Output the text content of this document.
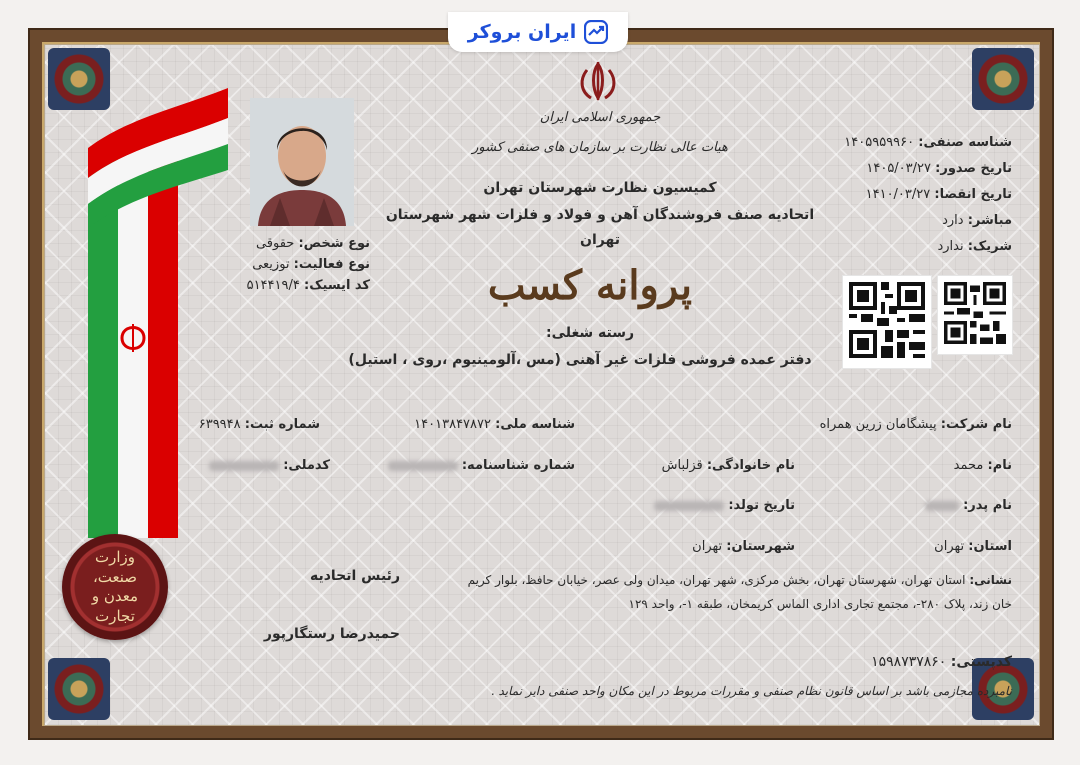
ایران بروکر
جمهوری اسلامی ایران
هیات عالی نظارت بر سازمان های صنفی کشور
کمیسیون نظارت شهرستان تهران
اتحادیه صنف فروشندگان آهن و فولاد و فلزات شهر شهرستان
تهران
پروانه کسب
رسته شغلی:
دفتر عمده فروشی فلزات غیر آهنی (مس ،آلومینیوم ،روی ، استیل)
شناسه صنفی: ۱۴۰۵۹۵۹۹۶۰
تاریخ صدور: ۱۴۰۵/۰۳/۲۷
تاریخ انقضا: ۱۴۱۰/۰۳/۲۷
مباشر: دارد
شریک: ندارد
نوع شخص: حقوقی
نوع فعالیت: توزیعی
کد ایسیک: ۵۱۴۴۱۹/۴
وزارت صنعت، معدن و تجارت
نام شرکت: پیشگامان زرین همراه
شناسه ملی: ۱۴۰۱۳۸۴۷۸۷۲
شماره ثبت: ۶۳۹۹۴۸
نام: محمد
نام خانوادگی: قزلباش
شماره شناسنامه:
کدملی:
نام پدر:
تاریخ تولد:
استان: تهران
شهرستان: تهران
نشانی: استان تهران، شهرستان تهران، بخش مرکزی، شهر تهران، میدان ولی عصر، خیابان حافظ، بلوار کریم خان زند، پلاک ۲۸۰-، مجتمع تجاری اداری الماس کریمخان، طبقه ۱-، واحد ۱۲۹
رئیس اتحادیه
حمیدرضا رستگارپور
کدپستی: ۱۵۹۸۷۳۷۸۶۰
نامبرده مجازمی باشد بر اساس قانون نظام صنفی و مقررات مربوط در این مکان واحد صنفی دایر نماید .
